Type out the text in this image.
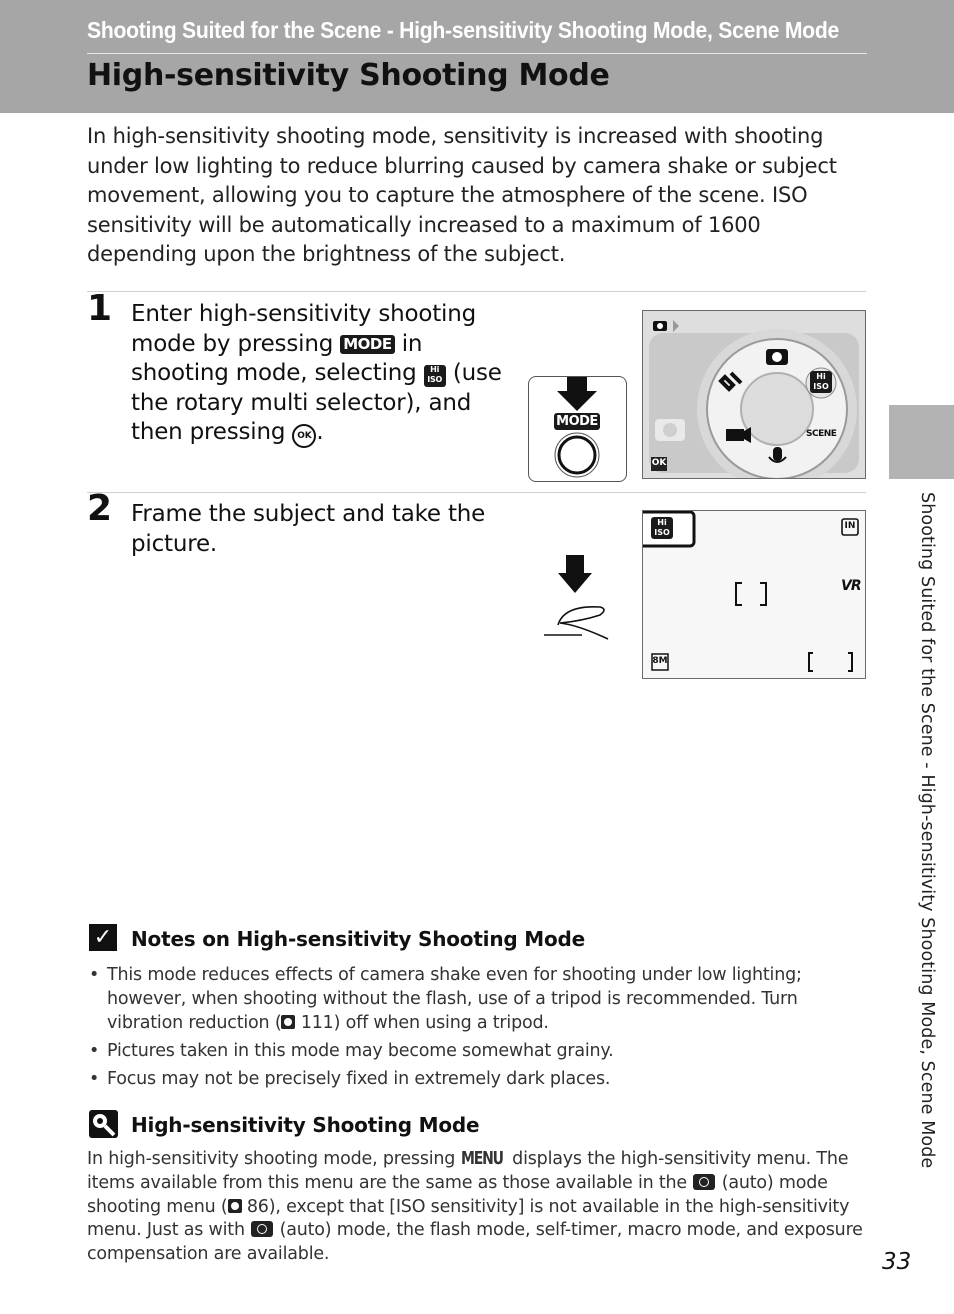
Shooting Suited for the Scene - High-sensitivity Shooting Mode, Scene Mode
High-sensitivity Shooting Mode

In high-sensitivity shooting mode, sensitivity is increased with shooting under low lighting to reduce blurring caused by camera shake or subject movement, allowing you to capture the atmosphere of the scene. ISO sensitivity will be automatically increased to a maximum of 1600 depending upon the brightness of the subject.

1 Enter high-sensitivity shooting mode by pressing MODE in shooting mode, selecting Hi
ISO (use the rotary multi selector), and then pressing OK .	MODE
Hi
ISO
SCENE
OK
2 Frame the subject and take the picture.
Hi
ISO
IN
VR
8M
✓ Notes on High-sensitivity Shooting Mode
• This mode reduces effects of camera shake even for shooting under low lighting; however, when shooting without the flash, use of a tripod is recommended. Turn vibration reduction ( 111) off when using a tripod.
• Pictures taken in this mode may become somewhat grainy.
• Focus may not be precisely fixed in extremely dark places.
High-sensitivity Shooting Mode

In high-sensitivity shooting mode, pressing MENU displays the high-sensitivity menu. The items available from this menu are the same as those available in the  (auto) mode shooting menu ( 86), except that [ISO sensitivity] is not available in the high-sensitivity menu. Just as with  (auto) mode, the flash mode, self-timer, macro mode, and exposure compensation are available.

Shooting Suited for the Scene - High-sensitivity Shooting Mode, Scene Mode
33
